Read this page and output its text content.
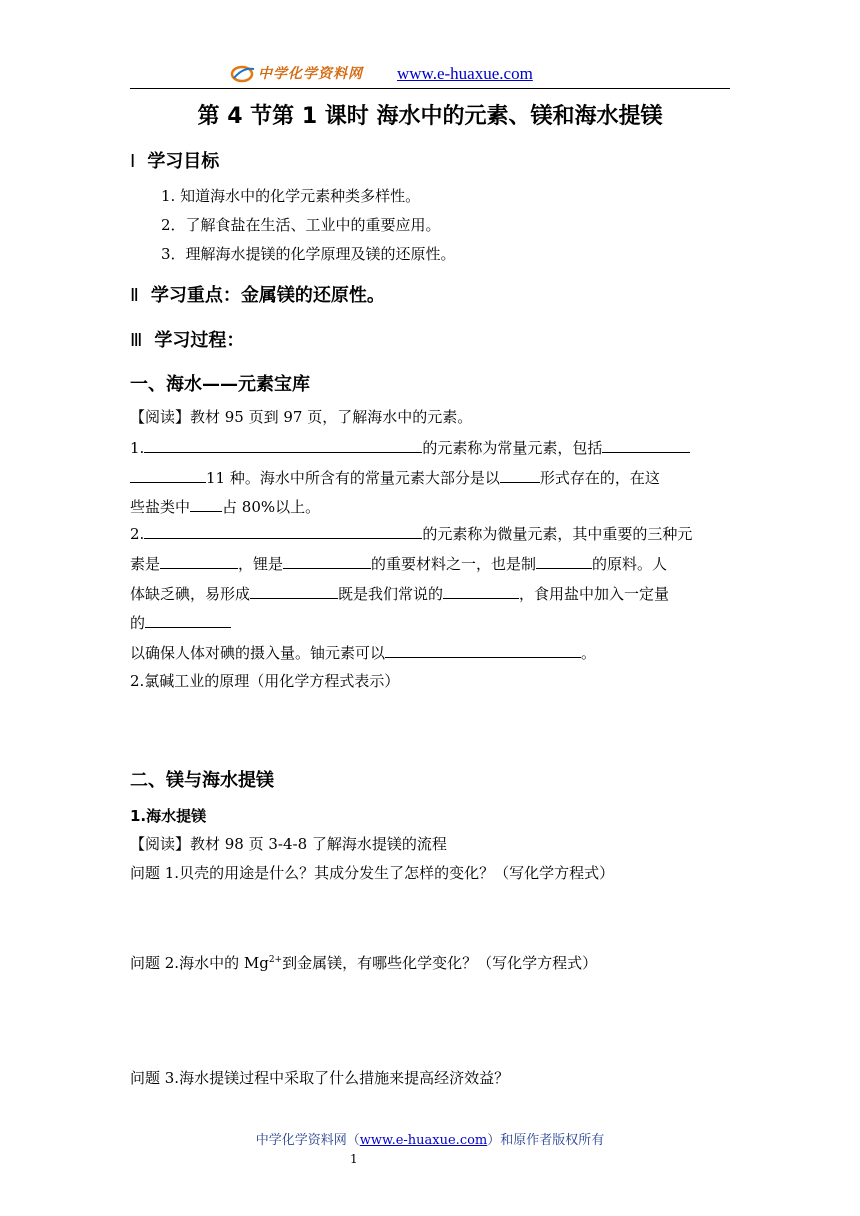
中学化学资料网 www.e-huaxue.com
第 4 节第 1 课时 海水中的元素、镁和海水提镁
Ⅰ 学习目标
1. 知道海水中的化学元素种类多样性。
2．了解食盐在生活、工业中的重要应用。
3．理解海水提镁的化学原理及镁的还原性。
Ⅱ 学习重点：金属镁的还原性。
Ⅲ 学习过程：
一、海水——元素宝库
【阅读】教材 95 页到 97 页，了解海水中的元素。
1.	的元素称为常量元素，包括
11 种。海水中所含有的常量元素大部分是以	形式存在的，在这
些盐类中 占 80%以上。
2.	的元素称为微量元素，其中重要的三种元
素是	，锂是	的重要材料之一，也是制	的原料。人
体缺乏碘，易形成	既是我们常说的	，食用盐中加入一定量
的
以确保人体对碘的摄入量。铀元素可以	。
2.氯碱工业的原理（用化学方程式表示）
二、镁与海水提镁
1.海水提镁
【阅读】教材 98 页 3-4-8 了解海水提镁的流程
问题 1.贝壳的用途是什么？其成分发生了怎样的变化？（写化学方程式）
问题 2.海水中的 $Mg^{2+}$到金属镁，有哪些化学变化？（写化学方程式）
问题 3.海水提镁过程中采取了什么措施来提高经济效益？
中学化学资料网（www.e-huaxue.com）和原作者版权所有
1
